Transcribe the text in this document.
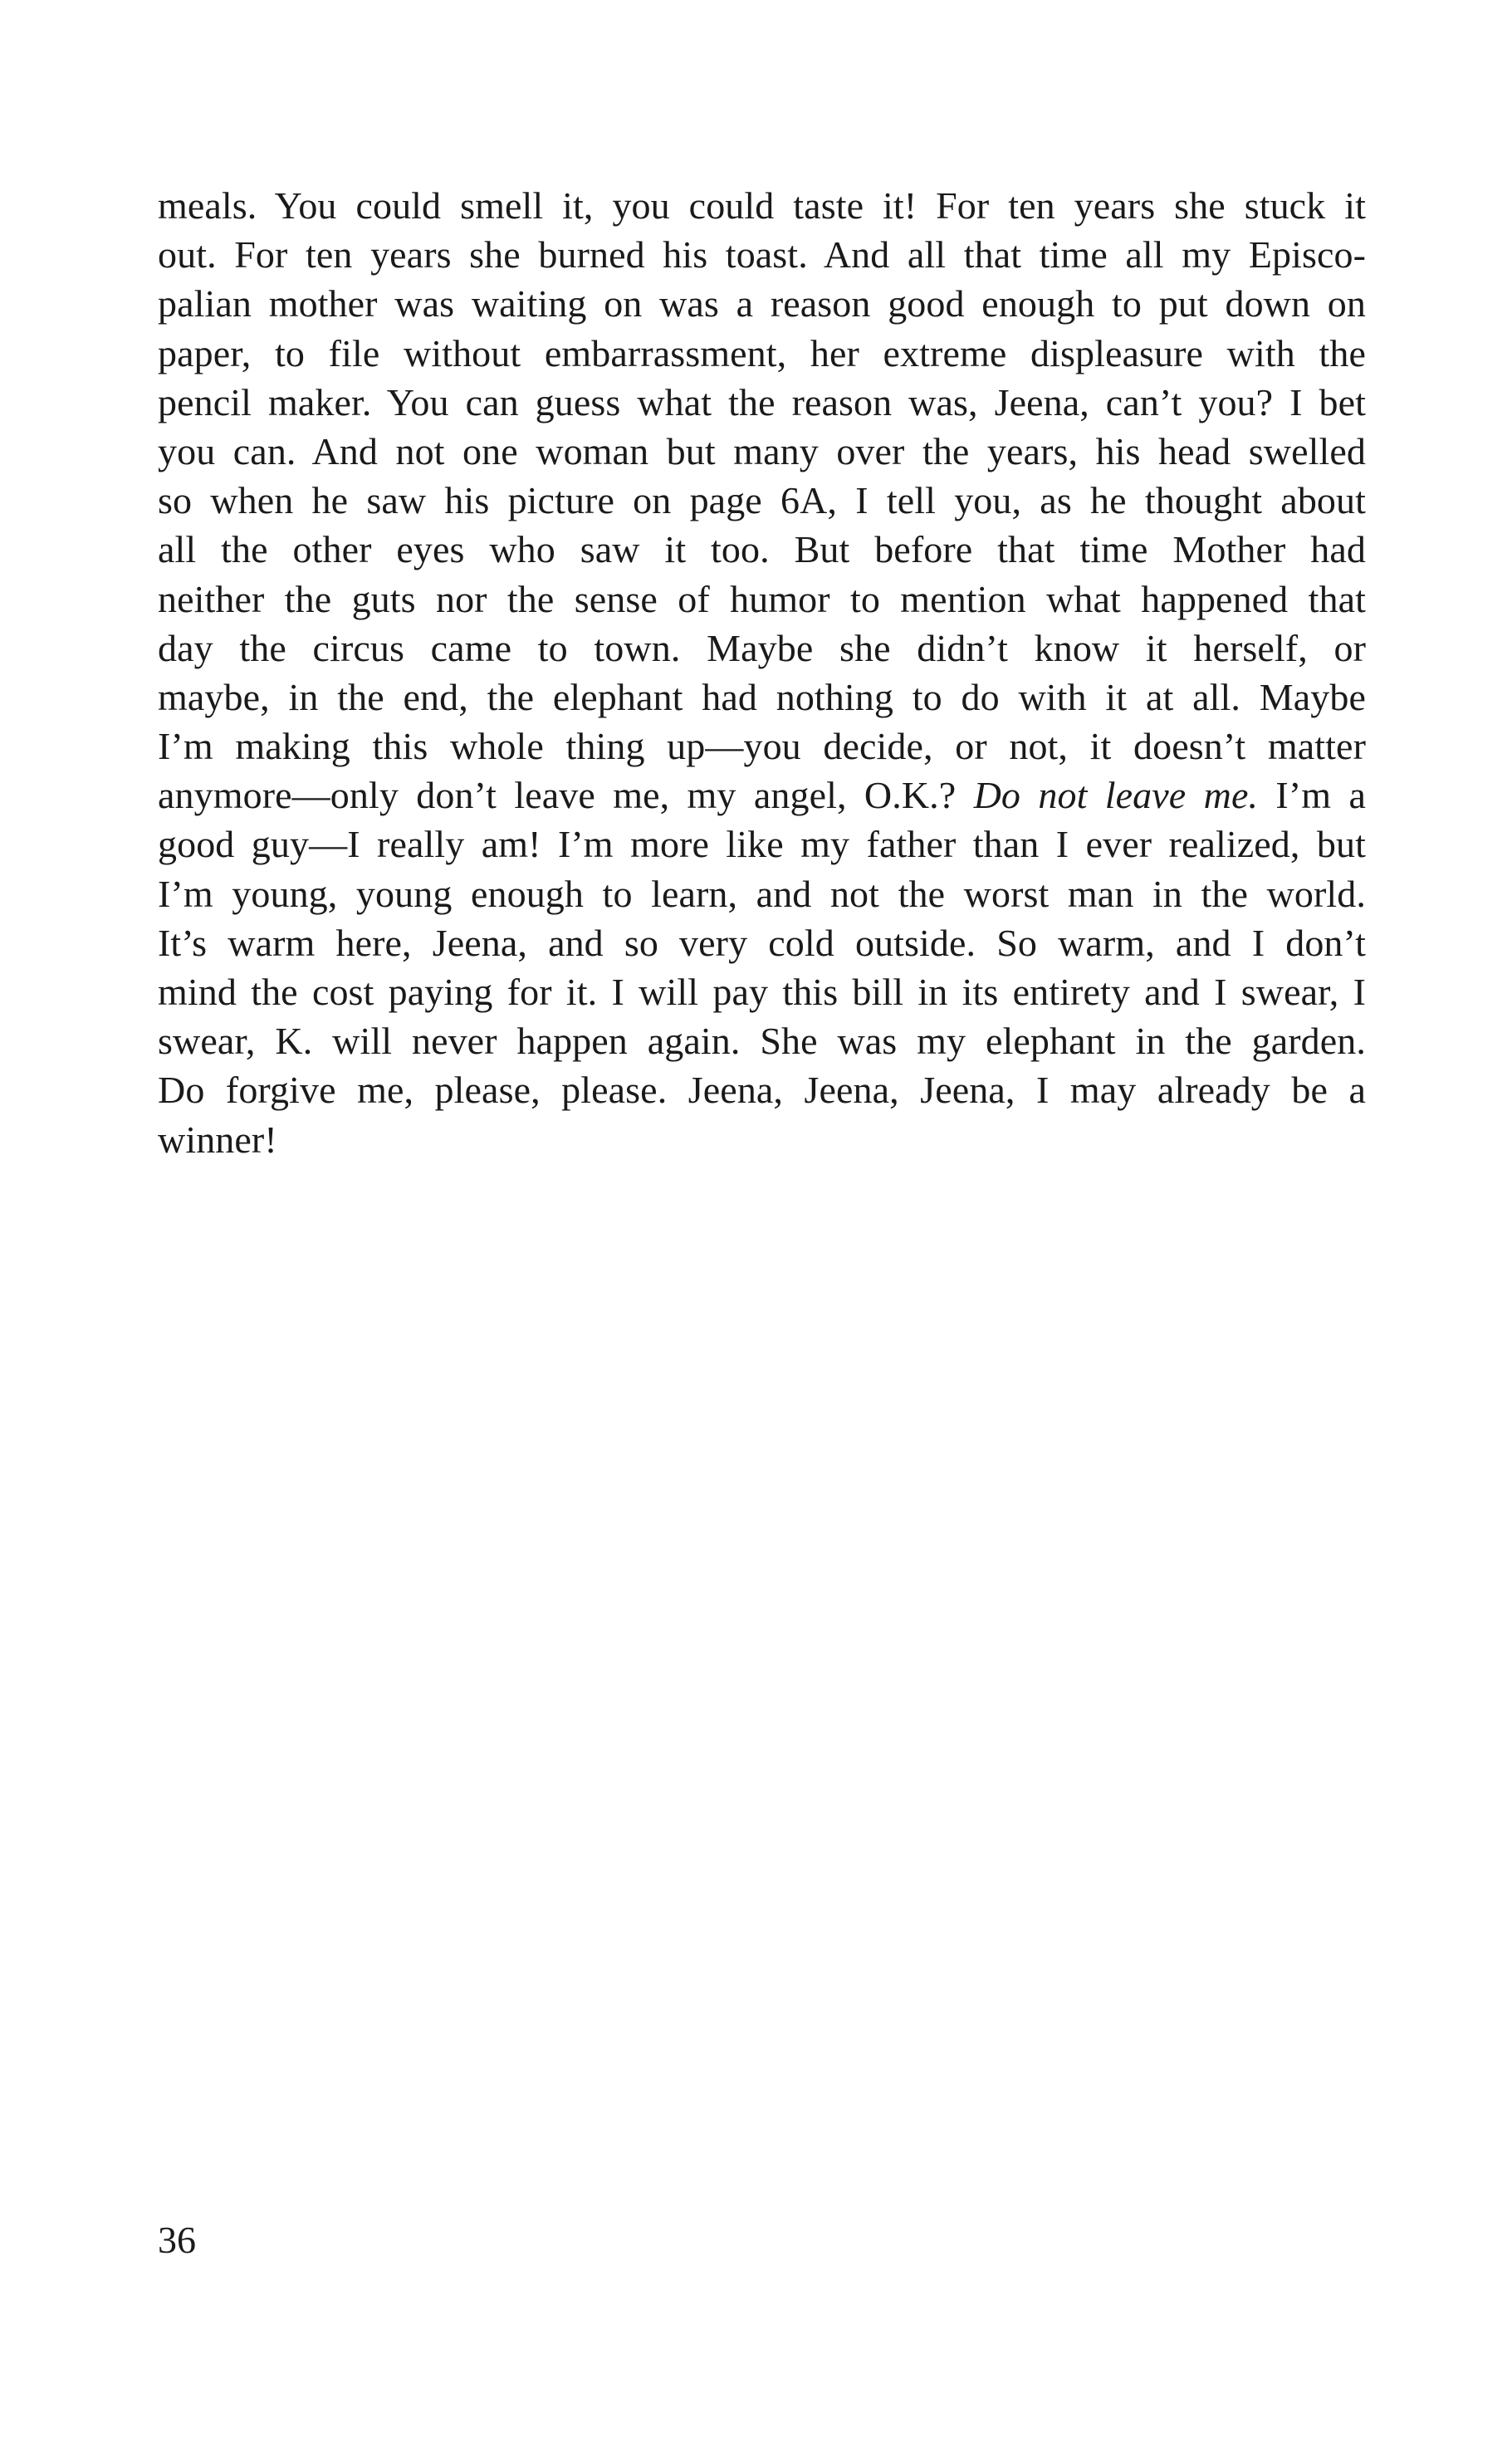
meals. You could smell it, you could taste it! For ten years she stuck it
out. For ten years she burned his toast. And all that time all my Episco-
palian mother was waiting on was a reason good enough to put down on
paper, to file without embarrassment, her extreme displeasure with the
pencil maker. You can guess what the reason was, Jeena, can’t you? I bet
you can. And not one woman but many over the years, his head swelled
so when he saw his picture on page 6A, I tell you, as he thought about
all the other eyes who saw it too. But before that time Mother had
neither the guts nor the sense of humor to mention what happened that
day the circus came to town. Maybe she didn’t know it herself, or
maybe, in the end, the elephant had nothing to do with it at all. Maybe
I’m making this whole thing up—you decide, or not, it doesn’t matter
anymore—only don’t leave me, my angel, O.K.? Do not leave me. I’m a
good guy—I really am! I’m more like my father than I ever realized, but
I’m young, young enough to learn, and not the worst man in the world.
It’s warm here, Jeena, and so very cold outside. So warm, and I don’t
mind the cost paying for it. I will pay this bill in its entirety and I swear, I
swear, K. will never happen again. She was my elephant in the garden.
Do forgive me, please, please. Jeena, Jeena, Jeena, I may already be a
winner!
36
